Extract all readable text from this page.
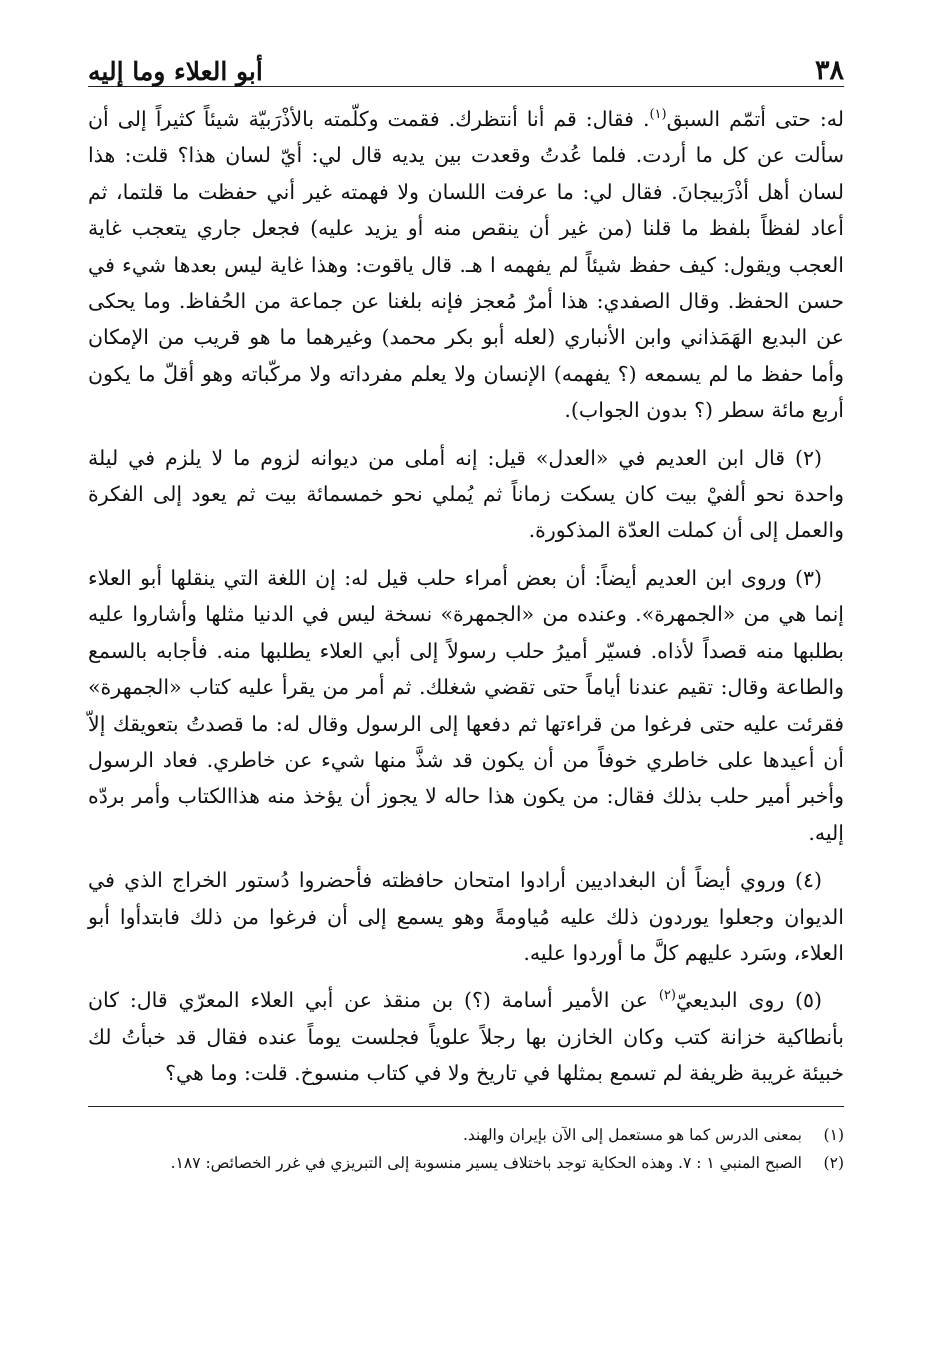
٣٨
أبو العلاء وما إليه

له: حتى أتمّم السبق$^{(١)}$. فقال: قم أنا أنتظرك. فقمت وكلّمته بالأذْرَبيّة شيئاً كثيراً إلى أن سألت عن كل ما أردت. فلما عُدتُ وقعدت بين يديه قال لي: أيّ لسان هذا؟ قلت: هذا لسان أهل أذْرَبيجانَ. فقال لي: ما عرفت اللسان ولا فهمته غير أني حفظت ما قلتما، ثم أعاد لفظاً بلفظ ما قلنا (من غير أن ينقص منه أو يزيد عليه) فجعل جاري يتعجب غاية العجب ويقول: كيف حفظ شيئاً لم يفهمه ا هـ. قال ياقوت: وهذا غاية ليس بعدها شيء في حسن الحفظ. وقال الصفدي: هذا أمرٌ مُعجز فإنه بلغنا عن جماعة من الحُفاظ. وما يحكى عن البديع الهَمَذاني وابن الأنباري (لعله أبو بكر محمد) وغيرهما ما هو قريب من الإمكان وأما حفظ ما لم يسمعه (؟ يفهمه) الإنسان ولا يعلم مفرداته ولا مركّباته وهو أقلّ ما يكون أربع مائة سطر (؟ بدون الجواب).

(٢) قال ابن العديم في «العدل» قيل: إنه أملى من ديوانه لزوم ما لا يلزم في ليلة واحدة نحو ألفيْ بيت كان يسكت زماناً ثم يُملي نحو خمسمائة بيت ثم يعود إلى الفكرة والعمل إلى أن كملت العدّة المذكورة.

(٣) وروى ابن العديم أيضاً: أن بعض أمراء حلب قيل له: إن اللغة التي ينقلها أبو العلاء إنما هي من «الجمهرة». وعنده من «الجمهرة» نسخة ليس في الدنيا مثلها وأشاروا عليه بطلبها منه قصداً لأذاه. فسيّر أميرُ حلب رسولاً إلى أبي العلاء يطلبها منه. فأجابه بالسمع والطاعة وقال: تقيم عندنا أياماً حتى تقضي شغلك. ثم أمر من يقرأ عليه كتاب «الجمهرة» فقرئت عليه حتى فرغوا من قراءتها ثم دفعها إلى الرسول وقال له: ما قصدتُ بتعويقك إلاّ أن أعيدها على خاطري خوفاً من أن يكون قد شذَّ منها شيء عن خاطري. فعاد الرسول وأخبر أمير حلب بذلك فقال: من يكون هذا حاله لا يجوز أن يؤخذ منه هذاالكتاب وأمر بردّه إليه.

(٤) وروي أيضاً أن البغداديين أرادوا امتحان حافظته فأحضروا دُستور الخراج الذي في الديوان وجعلوا يوردون ذلك عليه مُياومةً وهو يسمع إلى أن فرغوا من ذلك فابتدأوا أبو العلاء، وسَرد عليهم كلَّ ما أوردوا عليه.

(٥) روى البديعيّ$^{(٢)}$ عن الأمير أسامة (؟) بن منقذ عن أبي العلاء المعرّي قال: كان بأنطاكية خزانة كتب وكان الخازن بها رجلاً علوياً فجلست يوماً عنده فقال قد خبأتُ لك خبيئة غريبة ظريفة لم تسمع بمثلها في تاريخ ولا في كتاب منسوخ. قلت: وما هي؟

(١)
بمعنى الدرس كما هو مستعمل إلى الآن بإيران والهند.

(٢)
الصبح المنبي ١ : ٧. وهذه الحكاية توجد باختلاف يسير منسوبة إلى التبريزي في غرر الخصائص: ١٨٧.
